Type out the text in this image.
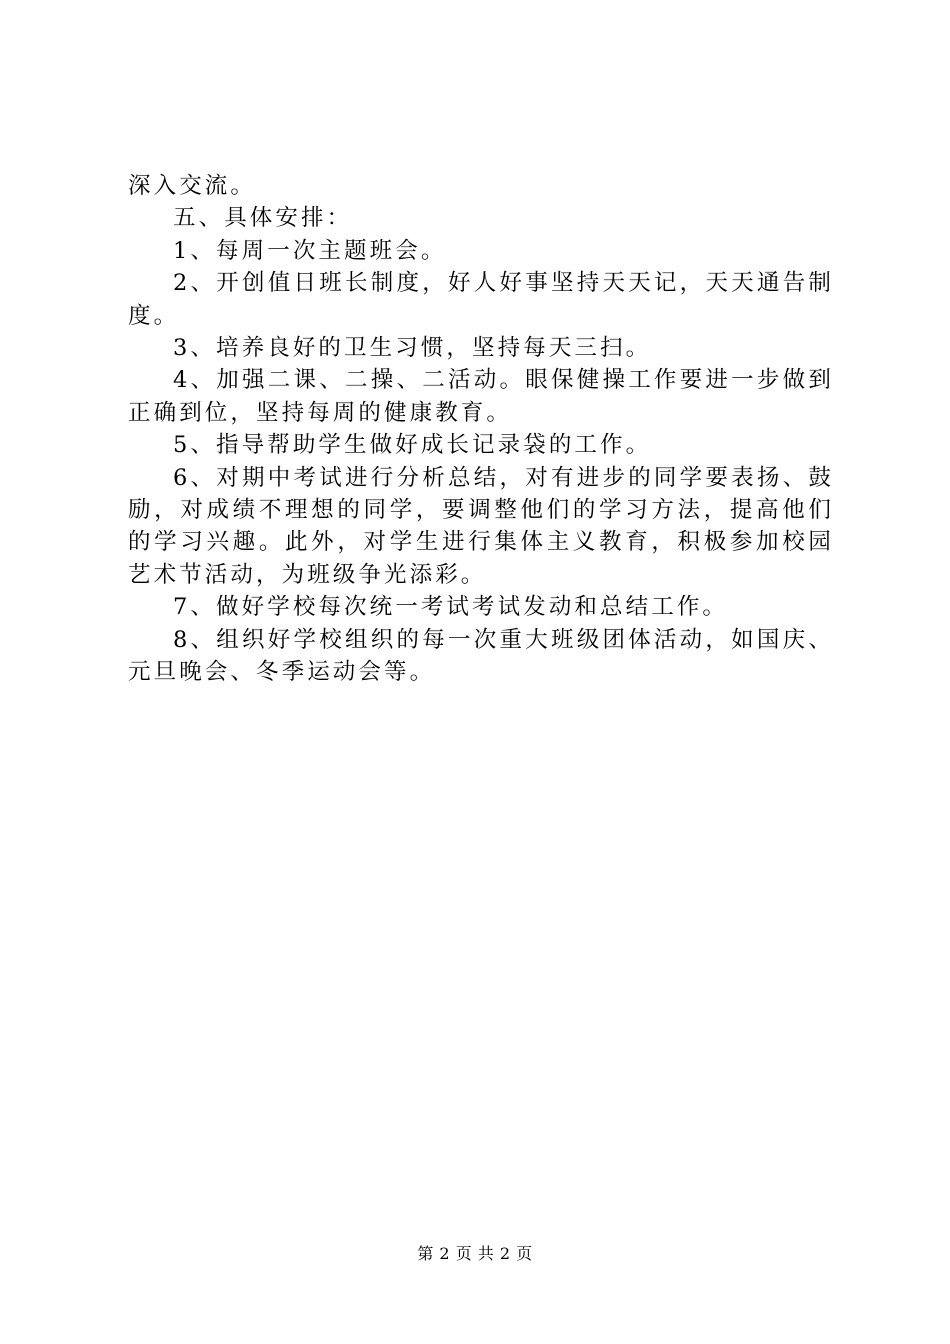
深入交流。

五、具体安排：

1、每周一次主题班会。

2、开创值日班长制度，好人好事坚持天天记，天天通告制度。

3、培养良好的卫生习惯，坚持每天三扫。

4、加强二课、二操、二活动。眼保健操工作要进一步做到正确到位，坚持每周的健康教育。

5、指导帮助学生做好成长记录袋的工作。

6、对期中考试进行分析总结，对有进步的同学要表扬、鼓励，对成绩不理想的同学，要调整他们的学习方法，提高他们的学习兴趣。此外，对学生进行集体主义教育，积极参加校园艺术节活动，为班级争光添彩。

7、做好学校每次统一考试考试发动和总结工作。

8、组织好学校组织的每一次重大班级团体活动，如国庆、元旦晚会、冬季运动会等。

第 2 页 共 2 页
